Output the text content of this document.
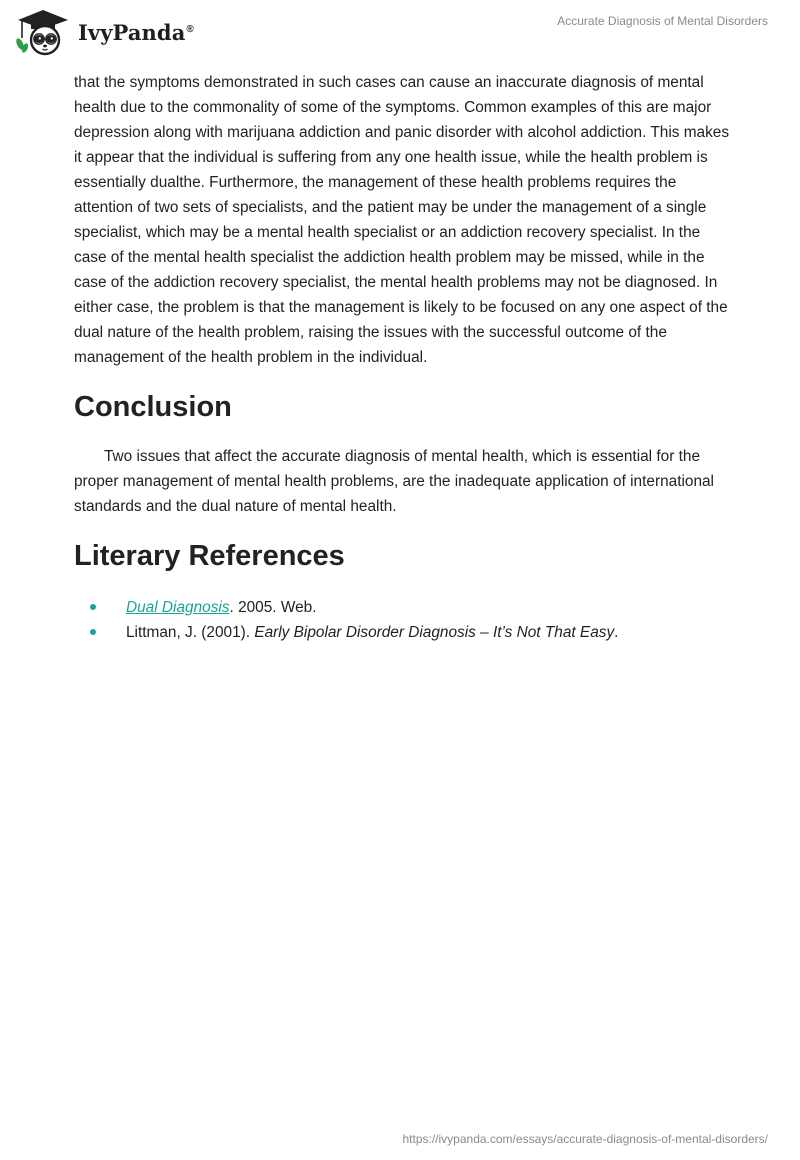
IvyPanda®
Accurate Diagnosis of Mental Disorders

that the symptoms demonstrated in such cases can cause an inaccurate diagnosis of mental health due to the commonality of some of the symptoms. Common examples of this are major depression along with marijuana addiction and panic disorder with alcohol addiction. This makes it appear that the individual is suffering from any one health issue, while the health problem is essentially dualthe. Furthermore, the management of these health problems requires the attention of two sets of specialists, and the patient may be under the management of a single specialist, which may be a mental health specialist or an addiction recovery specialist. In the case of the mental health specialist the addiction health problem may be missed, while in the case of the addiction recovery specialist, the mental health problems may not be diagnosed. In either case, the problem is that the management is likely to be focused on any one aspect of the dual nature of the health problem, raising the issues with the successful outcome of the management of the health problem in the individual.

Conclusion

Two issues that affect the accurate diagnosis of mental health, which is essential for the proper management of mental health problems, are the inadequate application of international standards and the dual nature of mental health.

Literary References
Dual Diagnosis. 2005. Web.
Littman, J. (2001). Early Bipolar Disorder Diagnosis – It’s Not That Easy.
https://ivypanda.com/essays/accurate-diagnosis-of-mental-disorders/
